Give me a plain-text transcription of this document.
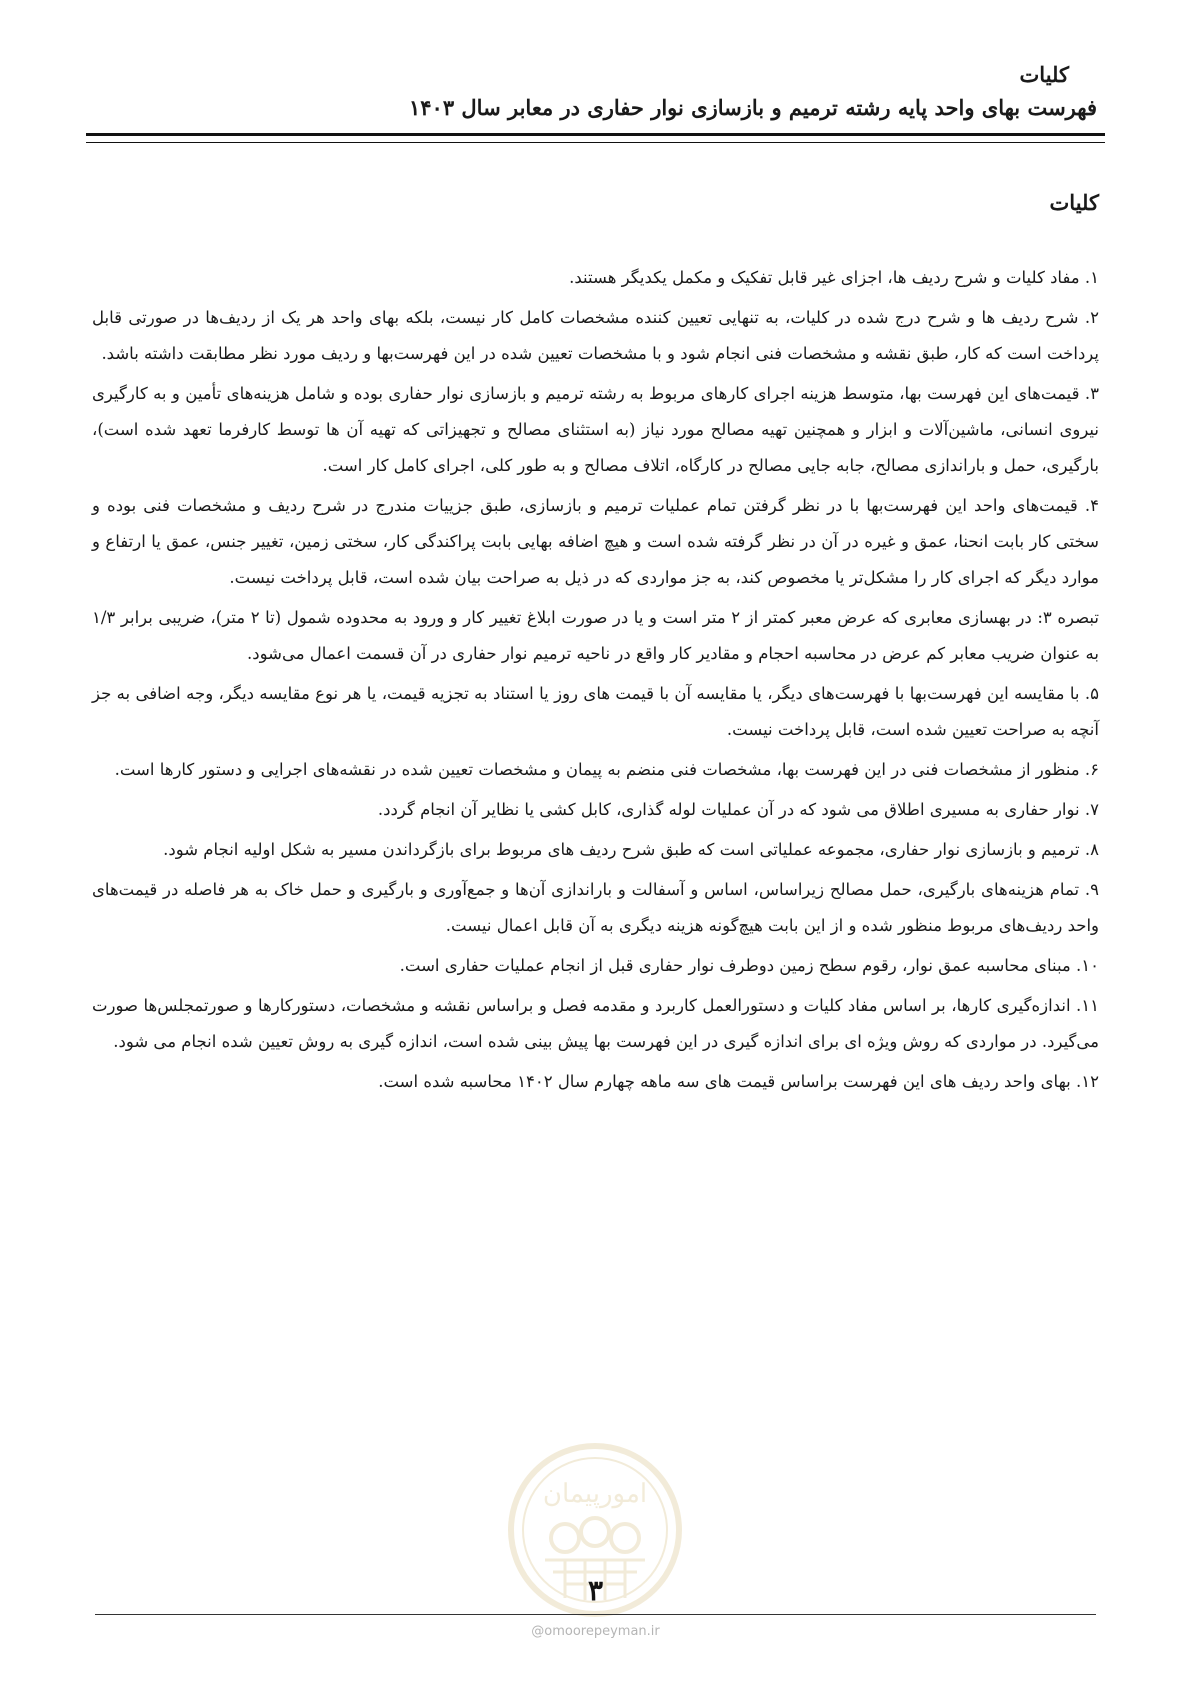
کلیات
فهرست بهای واحد پایه رشته ترمیم و بازسازی نوار حفاری در معابر سال ۱۴۰۳
کلیات

۱. مفاد کلیات و شرح ردیف ها، اجزای غیر قابل تفکیک و مکمل یکدیگر هستند.

۲. شرح ردیف ها و شرح درج شده در کلیات، به تنهایی تعیین کننده مشخصات کامل کار نیست، بلکه بهای واحد هر یک از ردیف‌ها در صورتی قابل پرداخت است که کار، طبق نقشه و مشخصات فنی انجام شود و با مشخصات تعیین شده در این فهرست‌بها و ردیف مورد نظر مطابقت داشته باشد.

۳. قیمت‌های این فهرست بها، متوسط هزینه اجرای کارهای مربوط به رشته ترمیم و بازسازی نوار حفاری بوده و شامل هزینه‌های تأمین و به کارگیری نیروی انسانی، ماشین‌آلات و ابزار و همچنین تهیه مصالح مورد نیاز (به استثنای مصالح و تجهیزاتی که تهیه آن ها توسط کارفرما تعهد شده است)، بارگیری، حمل و باراندازی مصالح، جابه جایی مصالح در کارگاه، اتلاف مصالح و به طور کلی، اجرای کامل کار است.

۴. قیمت‌های واحد این فهرست‌بها با در نظر گرفتن تمام عملیات ترمیم و بازسازی، طبق جزییات مندرج در شرح ردیف و مشخصات فنی بوده و سختی کار بابت انحنا، عمق و غیره در آن در نظر گرفته شده است و هیچ اضافه بهایی بابت پراکندگی کار، سختی زمین، تغییر جنس، عمق یا ارتفاع و موارد دیگر که اجرای کار را مشکل‌تر یا مخصوص کند، به جز مواردی که در ذیل به صراحت بیان شده است، قابل پرداخت نیست.

تبصره ۳: در بهسازی معابری که عرض معبر کمتر از ۲ متر است و یا در صورت ابلاغ تغییر کار و ورود به محدوده شمول (تا ۲ متر)، ضریبی برابر ۱/۳ به عنوان ضریب معابر کم عرض در محاسبه احجام و مقادیر کار واقع در ناحیه ترمیم نوار حفاری در آن قسمت اعمال می‌شود.

۵. با مقایسه این فهرست‌بها با فهرست‌های دیگر، یا مقایسه آن با قیمت های روز یا استناد به تجزیه قیمت، یا هر نوع مقایسه دیگر، وجه اضافی به جز آنچه به صراحت تعیین شده است، قابل پرداخت نیست.

۶. منظور از مشخصات فنی در این فهرست بها، مشخصات فنی منضم به پیمان و مشخصات تعیین شده در نقشه‌های اجرایی و دستور کارها است.

۷. نوار حفاری به مسیری اطلاق می شود که در آن عملیات لوله گذاری، کابل کشی یا نظایر آن انجام گردد.

۸. ترمیم و بازسازی نوار حفاری، مجموعه عملیاتی است که طبق شرح ردیف های مربوط برای بازگرداندن مسیر به شکل اولیه انجام شود.

۹. تمام هزینه‌های بارگیری، حمل مصالح زیراساس، اساس و آسفالت و باراندازی آن‌ها و جمع‌آوری و بارگیری و حمل خاک به هر فاصله در قیمت‌های واحد ردیف‌های مربوط منظور شده و از این بابت هیچ‌گونه هزینه دیگری به آن قابل اعمال نیست.

۱۰. مبنای محاسبه عمق نوار، رقوم سطح زمین دوطرف نوار حفاری قبل از انجام عملیات حفاری است.

۱۱. اندازه‌گیری کارها، بر اساس مفاد کلیات و دستورالعمل کاربرد و مقدمه فصل و براساس نقشه و مشخصات، دستورکارها و صورتمجلس‌ها صورت می‌گیرد. در مواردی که روش ویژه ای برای اندازه گیری در این فهرست بها پیش بینی شده است، اندازه گیری به روش تعیین شده انجام می شود.

۱۲. بهای واحد ردیف های این فهرست براساس قیمت های سه ماهه چهارم سال ۱۴۰۲ محاسبه شده است.

امورپیمان
۳
@omoorepeyman.ir
